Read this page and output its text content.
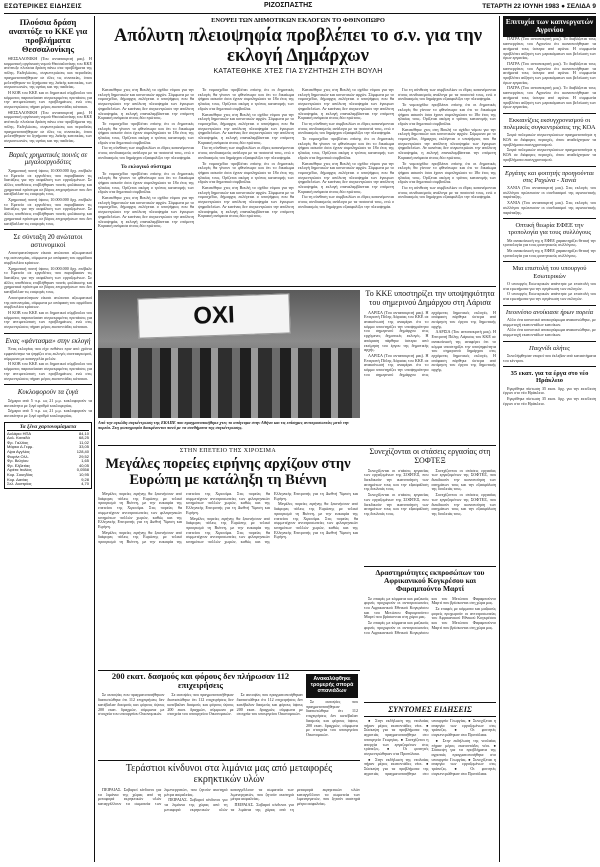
ΕΣΩΤΕΡΙΚΕΣ ΕΙΔΗΣΕΙΣ	ΡΙΖΟΣΠΑΣΤΗΣ	ΤΕΤΑΡΤΗ 22 ΙΟΥΝΗ 1983 ● ΣΕΛΙΔΑ 9
Πλούσια δράση αναπτύξε το ΚΚΕ για προβλήματα Θεσσαλονίκης

ΘΕΣΣΑΛΟΝΙΚΗ (Του ανταποκριτή μας). Η κομματική οργάνωση νομού Θεσσαλονίκης του ΚΚΕ ανέπτυξε πλούσια δράση πάνω στα προβλήματα της πόλης. Εκδηλώσεις, συγκεντρώσεις και περιοδείες πραγματοποιήθηκαν σε όλες τις συνοικίες, όπου μελετήθηκαν τα ζητήματα της λαϊκής κατοικίας, των συγκοινωνιών, της υγείας και της παιδείας.

Η ΚΟΒ του ΚΚΕ και οι δημοτικοί σύμβουλοι του κόμματος παρουσίασαν συγκεκριμένες προτάσεις για την αντιμετώπιση των προβλημάτων, ενώ στις συγκεντρώσεις πήραν μέρος εκατοντάδες κάτοικοι.

ΘΕΣΣΑΛΟΝΙΚΗ (Του ανταποκριτή μας). Η κομματική οργάνωση νομού Θεσσαλονίκης του ΚΚΕ ανέπτυξε πλούσια δράση πάνω στα προβλήματα της πόλης. Εκδηλώσεις, συγκεντρώσεις και περιοδείες πραγματοποιήθηκαν σε όλες τις συνοικίες, όπου μελετήθηκαν τα ζητήματα της λαϊκής κατοικίας, των συγκοινωνιών, της υγείας και της παιδείας.

Βαριές χρηματικές ποινές σε μεγαλοεργοδότες

Χρηματική ποινή ύψους 10.000.000 δρχ. επέβαλε το Εφετείο σε εργοδότες που παραβίασαν τις διατάξεις για την ασφάλιση των εργαζομένων. Σε άλλες υποθέσεις επιβλήθηκαν ποινές φυλάκισης και χρηματικά πρόστιμα σε βάρος επιχειρήσεων που δεν κατέβαλλαν τις εισφορές τους.

Χρηματική ποινή ύψους 10.000.000 δρχ. επέβαλε το Εφετείο σε εργοδότες που παραβίασαν τις διατάξεις για την ασφάλιση των εργαζομένων. Σε άλλες υποθέσεις επιβλήθηκαν ποινές φυλάκισης και χρηματικά πρόστιμα σε βάρος επιχειρήσεων που δεν κατέβαλλαν τις εισφορές τους.

Σε σύνταξη 20 ανώτατοι αστυνομικοί

Αποστρατεύτηκαν είκοσι ανώτατοι αξιωματικοί της αστυνομίας, σύμφωνα με απόφαση του αρμόδιου συμβουλίου κρίσεων.

Χρηματική ποινή ύψους 10.000.000 δρχ. επέβαλε το Εφετείο σε εργοδότες που παραβίασαν τις διατάξεις για την ασφάλιση των εργαζομένων. Σε άλλες υποθέσεις επιβλήθηκαν ποινές φυλάκισης και χρηματικά πρόστιμα σε βάρος επιχειρήσεων που δεν κατέβαλλαν τις εισφορές τους.

Αποστρατεύτηκαν είκοσι ανώτατοι αξιωματικοί της αστυνομίας, σύμφωνα με απόφαση του αρμόδιου συμβουλίου κρίσεων.

Η ΚΟΒ του ΚΚΕ και οι δημοτικοί σύμβουλοι του κόμματος παρουσίασαν συγκεκριμένες προτάσεις για την αντιμετώπιση των προβλημάτων, ενώ στις συγκεντρώσεις πήραν μέρος εκατοντάδες κάτοικοι.

Ενας «φάντασμα» στην εκλογή

Ένας εκλογέας που είχε πεθάνει πριν από χρόνια εμφανίστηκε να ψηφίζει στις εκλογές συνεταιρισμού, σύμφωνα με καταγγελία μελών.

Η ΚΟΒ του ΚΚΕ και οι δημοτικοί σύμβουλοι του κόμματος παρουσίασαν συγκεκριμένες προτάσεις για την αντιμετώπιση των προβλημάτων, ενώ στις συγκεντρώσεις πήραν μέρος εκατοντάδες κάτοικοι.

Κυκλοφορούν τα ζυγά

Σήμερα από 5 π.μ. ως 21 μ.μ. κυκλοφορούν τα αυτοκίνητα με ζυγό αριθμό κυκλοφορίας.

Σήμερα από 5 π.μ. ως 21 μ.μ. κυκλοφορούν τα αυτοκίνητα με ζυγό αριθμό κυκλοφορίας.

Τα ξένα χαρτονομίσματα
Δολάριο ΗΠΑ	84,10
Δολ. Καναδά	68,25
Φρ. Γαλλίας	11,02
Μάρκο Δ.Γερμ.	33,05
Λίρα Αγγλίας	128,40
Φιορίνι Ολλ.	29,52
Φρ. Βελγίου	1,65
Φρ. Ελβετίας	40,05
Λιρέτα Ιταλίας	0,0558
Κορ. Σουηδίας	10,95
Κορ. Δανίας	9,28
Σελ. Αυστρίας	4,70
ΕΝΟΨΕΙ ΤΩΝ ΔΗΜΟΤΙΚΩΝ ΕΚΛΟΓΩΝ ΤΟ ΦΘΙΝΟΠΩΡΟ
Απόλυτη πλειοψηφία προβλέπει το σ.ν. για την εκλογή Δημάρχων
ΚΑΤΑΤΕΘΗΚΕ ΧΤΕΣ ΓΙΑ ΣΥΖΗΤΗΣΗ ΣΤΗ ΒΟΥΛΗ

Κατατέθηκε χτες στη Βουλή το σχέδιο νόμου για την εκλογή δημοτικών και κοινοτικών αρχών. Σύμφωνα με το νομοσχέδιο, δήμαρχος εκλέγεται ο υποψήφιος που θα συγκεντρώσει την απόλυτη πλειοψηφία των έγκυρων ψηφοδελτίων. Αν κανένας δεν συγκεντρώσει την απόλυτη πλειοψηφία, η εκλογή επαναλαμβάνεται την επόμενη Κυριακή ανάμεσα στους δύο πρώτους.

Το νομοσχέδιο προβλέπει επίσης ότι οι δημοτικές εκλογές θα γίνουν το φθινόπωρο και ότι το δικαίωμα ψήφου ασκούν όσοι έχουν συμπληρώσει το 18ο έτος της ηλικίας τους. Ορίζεται ακόμη ο τρόπος κατανομής των εδρών στα δημοτικά συμβούλια.

Για τη σύνθεση των συμβουλίων οι έδρες κατανέμονται στους συνδυασμούς ανάλογα με τα ποσοστά τους, ενώ ο συνδυασμός του δημάρχου εξασφαλίζει την πλειοψηφία.

Το εκλογικό σύστημα

Το νομοσχέδιο προβλέπει επίσης ότι οι δημοτικές εκλογές θα γίνουν το φθινόπωρο και ότι το δικαίωμα ψήφου ασκούν όσοι έχουν συμπληρώσει το 18ο έτος της ηλικίας τους. Ορίζεται ακόμη ο τρόπος κατανομής των εδρών στα δημοτικά συμβούλια.

Κατατέθηκε χτες στη Βουλή το σχέδιο νόμου για την εκλογή δημοτικών και κοινοτικών αρχών. Σύμφωνα με το νομοσχέδιο, δήμαρχος εκλέγεται ο υποψήφιος που θα συγκεντρώσει την απόλυτη πλειοψηφία των έγκυρων ψηφοδελτίων. Αν κανένας δεν συγκεντρώσει την απόλυτη πλειοψηφία, η εκλογή επαναλαμβάνεται την επόμενη Κυριακή ανάμεσα στους δύο πρώτους.

Το νομοσχέδιο προβλέπει επίσης ότι οι δημοτικές εκλογές θα γίνουν το φθινόπωρο και ότι το δικαίωμα ψήφου ασκούν όσοι έχουν συμπληρώσει το 18ο έτος της ηλικίας τους. Ορίζεται ακόμη ο τρόπος κατανομής των εδρών στα δημοτικά συμβούλια.

Κατατέθηκε χτες στη Βουλή το σχέδιο νόμου για την εκλογή δημοτικών και κοινοτικών αρχών. Σύμφωνα με το νομοσχέδιο, δήμαρχος εκλέγεται ο υποψήφιος που θα συγκεντρώσει την απόλυτη πλειοψηφία των έγκυρων ψηφοδελτίων. Αν κανένας δεν συγκεντρώσει την απόλυτη πλειοψηφία, η εκλογή επαναλαμβάνεται την επόμενη Κυριακή ανάμεσα στους δύο πρώτους.

Για τη σύνθεση των συμβουλίων οι έδρες κατανέμονται στους συνδυασμούς ανάλογα με τα ποσοστά τους, ενώ ο συνδυασμός του δημάρχου εξασφαλίζει την πλειοψηφία.

Το νομοσχέδιο προβλέπει επίσης ότι οι δημοτικές εκλογές θα γίνουν το φθινόπωρο και ότι το δικαίωμα ψήφου ασκούν όσοι έχουν συμπληρώσει το 18ο έτος της ηλικίας τους. Ορίζεται ακόμη ο τρόπος κατανομής των εδρών στα δημοτικά συμβούλια.

Κατατέθηκε χτες στη Βουλή το σχέδιο νόμου για την εκλογή δημοτικών και κοινοτικών αρχών. Σύμφωνα με το νομοσχέδιο, δήμαρχος εκλέγεται ο υποψήφιος που θα συγκεντρώσει την απόλυτη πλειοψηφία των έγκυρων ψηφοδελτίων. Αν κανένας δεν συγκεντρώσει την απόλυτη πλειοψηφία, η εκλογή επαναλαμβάνεται την επόμενη Κυριακή ανάμεσα στους δύο πρώτους.

Κατατέθηκε χτες στη Βουλή το σχέδιο νόμου για την εκλογή δημοτικών και κοινοτικών αρχών. Σύμφωνα με το νομοσχέδιο, δήμαρχος εκλέγεται ο υποψήφιος που θα συγκεντρώσει την απόλυτη πλειοψηφία των έγκυρων ψηφοδελτίων. Αν κανένας δεν συγκεντρώσει την απόλυτη πλειοψηφία, η εκλογή επαναλαμβάνεται την επόμενη Κυριακή ανάμεσα στους δύο πρώτους.

Για τη σύνθεση των συμβουλίων οι έδρες κατανέμονται στους συνδυασμούς ανάλογα με τα ποσοστά τους, ενώ ο συνδυασμός του δημάρχου εξασφαλίζει την πλειοψηφία.

Το νομοσχέδιο προβλέπει επίσης ότι οι δημοτικές εκλογές θα γίνουν το φθινόπωρο και ότι το δικαίωμα ψήφου ασκούν όσοι έχουν συμπληρώσει το 18ο έτος της ηλικίας τους. Ορίζεται ακόμη ο τρόπος κατανομής των εδρών στα δημοτικά συμβούλια.

Κατατέθηκε χτες στη Βουλή το σχέδιο νόμου για την εκλογή δημοτικών και κοινοτικών αρχών. Σύμφωνα με το νομοσχέδιο, δήμαρχος εκλέγεται ο υποψήφιος που θα συγκεντρώσει την απόλυτη πλειοψηφία των έγκυρων ψηφοδελτίων. Αν κανένας δεν συγκεντρώσει την απόλυτη πλειοψηφία, η εκλογή επαναλαμβάνεται την επόμενη Κυριακή ανάμεσα στους δύο πρώτους.

Για τη σύνθεση των συμβουλίων οι έδρες κατανέμονται στους συνδυασμούς ανάλογα με τα ποσοστά τους, ενώ ο συνδυασμός του δημάρχου εξασφαλίζει την πλειοψηφία.

Για τη σύνθεση των συμβουλίων οι έδρες κατανέμονται στους συνδυασμούς ανάλογα με τα ποσοστά τους, ενώ ο συνδυασμός του δημάρχου εξασφαλίζει την πλειοψηφία.

Το νομοσχέδιο προβλέπει επίσης ότι οι δημοτικές εκλογές θα γίνουν το φθινόπωρο και ότι το δικαίωμα ψήφου ασκούν όσοι έχουν συμπληρώσει το 18ο έτος της ηλικίας τους. Ορίζεται ακόμη ο τρόπος κατανομής των εδρών στα δημοτικά συμβούλια.

Κατατέθηκε χτες στη Βουλή το σχέδιο νόμου για την εκλογή δημοτικών και κοινοτικών αρχών. Σύμφωνα με το νομοσχέδιο, δήμαρχος εκλέγεται ο υποψήφιος που θα συγκεντρώσει την απόλυτη πλειοψηφία των έγκυρων ψηφοδελτίων. Αν κανένας δεν συγκεντρώσει την απόλυτη πλειοψηφία, η εκλογή επαναλαμβάνεται την επόμενη Κυριακή ανάμεσα στους δύο πρώτους.

Το νομοσχέδιο προβλέπει επίσης ότι οι δημοτικές εκλογές θα γίνουν το φθινόπωρο και ότι το δικαίωμα ψήφου ασκούν όσοι έχουν συμπληρώσει το 18ο έτος της ηλικίας τους. Ορίζεται ακόμη ο τρόπος κατανομής των εδρών στα δημοτικά συμβούλια.

Για τη σύνθεση των συμβουλίων οι έδρες κατανέμονται στους συνδυασμούς ανάλογα με τα ποσοστά τους, ενώ ο συνδυασμός του δημάρχου εξασφαλίζει την πλειοψηφία.

ΟΧΙ
Από την ογκώδη συγκέντρωση της ΕΚΑΠΕ που πραγματοποιήθηκε χτες το απόγευμα στην Αθήνα και τις επίσημες αντιπροσωπείες μετά την πορεία. Στη φωτογραφία διακρίνονται πανό με τα συνθήματα της συγκέντρωσης.
Το ΚΚΕ υποστηρίζει την υποψηφιότητα του σημερινού Δημάρχου στη Λάρισα

ΛΑΡΙΣΑ (Του ανταποκριτή μας). Η Επιτροπή Πόλης Λάρισας του ΚΚΕ σε ανακοίνωσή της αναφέρει ότι το κόμμα υποστηρίζει την υποψηφιότητα του σημερινού δημάρχου στις ερχόμενες δημοτικές εκλογές. Η απόφαση πάρθηκε ύστερα από εκτίμηση του έργου της δημοτικής αρχής.

ΛΑΡΙΣΑ (Του ανταποκριτή μας). Η Επιτροπή Πόλης Λάρισας του ΚΚΕ σε ανακοίνωσή της αναφέρει ότι το κόμμα υποστηρίζει την υποψηφιότητα του σημερινού δημάρχου στις ερχόμενες δημοτικές εκλογές. Η απόφαση πάρθηκε ύστερα από εκτίμηση του έργου της δημοτικής αρχής.

ΛΑΡΙΣΑ (Του ανταποκριτή μας). Η Επιτροπή Πόλης Λάρισας του ΚΚΕ σε ανακοίνωσή της αναφέρει ότι το κόμμα υποστηρίζει την υποψηφιότητα του σημερινού δημάρχου στις ερχόμενες δημοτικές εκλογές. Η απόφαση πάρθηκε ύστερα από εκτίμηση του έργου της δημοτικής αρχής.

ΣΤΗΝ ΕΠΕΤΕΙΟ ΤΗΣ ΧΙΡΟΣΙΜΑ
Μεγάλες πορείες ειρήνης αρχίζουν στην Ευρώπη με κατάληξη τη Βιέννη

Μεγάλες πορείες ειρήνης θα ξεκινήσουν από διάφορες πόλεις της Ευρώπης με τελικό προορισμό τη Βιέννη, με την ευκαιρία της επετείου της Χιροσίμα. Στις πορείες θα συμμετέχουν αντιπροσωπείες των φιλειρηνικών κινημάτων πολλών χωρών, καθώς και της Ελληνικής Επιτροπής για τη Διεθνή Ύφεση και Ειρήνη.

Μεγάλες πορείες ειρήνης θα ξεκινήσουν από διάφορες πόλεις της Ευρώπης με τελικό προορισμό τη Βιέννη, με την ευκαιρία της επετείου της Χιροσίμα. Στις πορείες θα συμμετέχουν αντιπροσωπείες των φιλειρηνικών κινημάτων πολλών χωρών, καθώς και της Ελληνικής Επιτροπής για τη Διεθνή Ύφεση και Ειρήνη.

Μεγάλες πορείες ειρήνης θα ξεκινήσουν από διάφορες πόλεις της Ευρώπης με τελικό προορισμό τη Βιέννη, με την ευκαιρία της επετείου της Χιροσίμα. Στις πορείες θα συμμετέχουν αντιπροσωπείες των φιλειρηνικών κινημάτων πολλών χωρών, καθώς και της Ελληνικής Επιτροπής για τη Διεθνή Ύφεση και Ειρήνη.

Μεγάλες πορείες ειρήνης θα ξεκινήσουν από διάφορες πόλεις της Ευρώπης με τελικό προορισμό τη Βιέννη, με την ευκαιρία της επετείου της Χιροσίμα. Στις πορείες θα συμμετέχουν αντιπροσωπείες των φιλειρηνικών κινημάτων πολλών χωρών, καθώς και της Ελληνικής Επιτροπής για τη Διεθνή Ύφεση και Ειρήνη.

Συνεχίζονται οι στάσεις εργασίας στη ΣΟΦΤΕΞ

Συνεχίζονται οι στάσεις εργασίας των εργαζομένων της ΣΟΦΤΕΞ, που διεκδικούν την ικανοποίηση των αιτημάτων τους και την εξασφάλιση της δουλειάς τους.

Συνεχίζονται οι στάσεις εργασίας των εργαζομένων της ΣΟΦΤΕΞ, που διεκδικούν την ικανοποίηση των αιτημάτων τους και την εξασφάλιση της δουλειάς τους.

Συνεχίζονται οι στάσεις εργασίας των εργαζομένων της ΣΟΦΤΕΞ, που διεκδικούν την ικανοποίηση των αιτημάτων τους και την εξασφάλιση της δουλειάς τους.

Συνεχίζονται οι στάσεις εργασίας των εργαζομένων της ΣΟΦΤΕΞ, που διεκδικούν την ικανοποίηση των αιτημάτων τους και την εξασφάλιση της δουλειάς τους.

Δραστηριότητες εκπροσώπων του Αφρικανικού Κογκρέσου και Φαραμπούντο Μαρτί

Σε επαφές με κόμματα και μαζικούς φορείς προχωρούν οι αντιπροσωπείες του Αφρικανικού Εθνικού Κογκρέσου και του Μετώπου Φαραμπούντο Μαρτί που βρίσκονται στη χώρα μας.

Σε επαφές με κόμματα και μαζικούς φορείς προχωρούν οι αντιπροσωπείες του Αφρικανικού Εθνικού Κογκρέσου και του Μετώπου Φαραμπούντο Μαρτί που βρίσκονται στη χώρα μας.

Σε επαφές με κόμματα και μαζικούς φορείς προχωρούν οι αντιπροσωπείες του Αφρικανικού Εθνικού Κογκρέσου και του Μετώπου Φαραμπούντο Μαρτί που βρίσκονται στη χώρα μας.

200 εκατ. δασμούς και φόρους δεν πλήρωσαν 112 επιχειρήσεις

Σε αυτοψίες που πραγματοποιήθηκαν διαπιστώθηκε ότι 112 επιχειρήσεις δεν κατέβαλαν δασμούς και φόρους ύψους 200 εκατ. δραχμών, σύμφωνα με στοιχεία του υπουργείου Οικονομικών.

Σε αυτοψίες που πραγματοποιήθηκαν διαπιστώθηκε ότι 112 επιχειρήσεις δεν κατέβαλαν δασμούς και φόρους ύψους 200 εκατ. δραχμών, σύμφωνα με στοιχεία του υπουργείου Οικονομικών.

Σε αυτοψίες που πραγματοποιήθηκαν διαπιστώθηκε ότι 112 επιχειρήσεις δεν κατέβαλαν δασμούς και φόρους ύψους 200 εκατ. δραχμών, σύμφωνα με στοιχεία του υπουργείου Οικονομικών.

Ανακαλύφθηκε τρομερής σπορά σπανιάδων

Σε αυτοψίες που πραγματοποιήθηκαν διαπιστώθηκε ότι 112 επιχειρήσεις δεν κατέβαλαν δασμούς και φόρους ύψους 200 εκατ. δραχμών, σύμφωνα με στοιχεία του υπουργείου Οικονομικών.

Τεράστιοι κίνδυνοι στα λιμάνια μας από μεταφορές εκρηκτικών υλών

ΠΕΙΡΑΙΑΣ. Σοβαροί κίνδυνοι για τα λιμάνια της χώρας από τη μεταφορά εκρηκτικών υλών καταγγέλλουν τα σωματεία των λιμενεργατών, που ζητούν αυστηρά μέτρα ασφαλείας.

ΠΕΙΡΑΙΑΣ. Σοβαροί κίνδυνοι για τα λιμάνια της χώρας από τη μεταφορά εκρηκτικών υλών καταγγέλλουν τα σωματεία των λιμενεργατών, που ζητούν αυστηρά μέτρα ασφαλείας.

ΠΕΙΡΑΙΑΣ. Σοβαροί κίνδυνοι για τα λιμάνια της χώρας από τη μεταφορά εκρηκτικών υλών καταγγέλλουν τα σωματεία των λιμενεργατών, που ζητούν αυστηρά μέτρα ασφαλείας.

ΣΥΝΤΟΜΕΣ ΕΙΔΗΣΕΙΣ

● Στην εκδήλωση της νεολαίας πήραν μέρος εκατοντάδες νέοι. ● Σύσκεψη για τα προβλήματα της αγροτιάς πραγματοποιήθηκε στο υπουργείο Γεωργίας. ● Συνεχίζεται η απεργία των εργαζομένων στις τράπεζες. ● Οι φοιτητές συγκεντρώθηκαν στα Προπύλαια.

● Στην εκδήλωση της νεολαίας πήραν μέρος εκατοντάδες νέοι. ● Σύσκεψη για τα προβλήματα της αγροτιάς πραγματοποιήθηκε στο υπουργείο Γεωργίας. ● Συνεχίζεται η απεργία των εργαζομένων στις τράπεζες. ● Οι φοιτητές συγκεντρώθηκαν στα Προπύλαια.

● Στην εκδήλωση της νεολαίας πήραν μέρος εκατοντάδες νέοι. ● Σύσκεψη για τα προβλήματα της αγροτιάς πραγματοποιήθηκε στο υπουργείο Γεωργίας. ● Συνεχίζεται η απεργία των εργαζομένων στις τράπεζες. ● Οι φοιτητές συγκεντρώθηκαν στα Προπύλαια.

Επιτυχία των καπνεργατών Αγρινίου

ΠΑΤΡΑ (Του ανταποκριτή μας). Το διαβάζεται τους καπνεργάτες του Αγρινίου ότι ικανοποιήθηκαν τα αιτήματά τους ύστερα από αγώνα. Η συμφωνία προβλέπει αύξηση των μεροκάματων και βελτίωση των όρων εργασίας.

ΠΑΤΡΑ (Του ανταποκριτή μας). Το διαβάζεται τους καπνεργάτες του Αγρινίου ότι ικανοποιήθηκαν τα αιτήματά τους ύστερα από αγώνα. Η συμφωνία προβλέπει αύξηση των μεροκάματων και βελτίωση των όρων εργασίας.

ΠΑΤΡΑ (Του ανταποκριτή μας). Το διαβάζεται τους καπνεργάτες του Αγρινίου ότι ικανοποιήθηκαν τα αιτήματά τους ύστερα από αγώνα. Η συμφωνία προβλέπει αύξηση των μεροκάματων και βελτίωση των όρων εργασίας.

Εκκαινίζεις εκσυγχρονισμού οι πολεμικές συγκεντρώσεις της ΚΟΑ

Σειρά πολεμικών συγκεντρώσεων πραγματοποίησε η ΚΟΑ σε διάφορες περιοχές, όπου αναδείχτηκαν τα προβλήματα εκσυγχρονισμού.

Σειρά πολεμικών συγκεντρώσεων πραγματοποίησε η ΚΟΑ σε διάφορες περιοχές, όπου αναδείχτηκαν τα προβλήματα εκσυγχρονισμού.

Εργάτης και φοιτητής προηγούνται στις Ραχώνα - Χανιά

ΧΑΝΙΑ (Του ανταποκριτή μας). Στις εκλογές του συλλόγου πρώτευσαν οι συνδυασμοί της αγωνιστικής παράταξης.

ΧΑΝΙΑ (Του ανταποκριτή μας). Στις εκλογές του συλλόγου πρώτευσαν οι συνδυασμοί της αγωνιστικής παράταξης.

Οπτική θεωρία ΕΦΕΕ την τροπολογία για τους συλλόγους

Με ανακοίνωσή της η ΕΦΕΕ χαρακτηρίζει θετική την τροπολογία για τους φοιτητικούς συλλόγους.

Με ανακοίνωσή της η ΕΦΕΕ χαρακτηρίζει θετική την τροπολογία για τους φοιτητικούς συλλόγους.

Μια επιστολή του υπουργού Εσωτερικών

Ο υπουργός Εσωτερικών απάντησε με επιστολή του στα ερωτήματα για την οργάνωση των εκλογών.

Ο υπουργός Εσωτερικών απάντησε με επιστολή του στα ερωτήματα για την οργάνωση των εκλογών.

Ιτεοινέσιο ανοίκιασε ήρων πορεία

Αλλο ένα κοινοτικό αποκορύφωμα ανακοινώθηκε, με συμμετοχή εκατοντάδων κατοίκων.

Αλλο ένα κοινοτικό αποκορύφωμα ανακοινώθηκε, με συμμετοχή εκατοντάδων κατοίκων.

Παιχνίδι αλήτες

Συνελήφθησαν νεαροί που έκλεβαν από καταστήματα του κέντρου.

35 εκατ. για τα έργα στο νέο Ηράκλειο

Εγκρίθηκε πίστωση 35 εκατ. δρχ. για την εκτέλεση έργων στο νέο Ηράκλειο.

Εγκρίθηκε πίστωση 35 εκατ. δρχ. για την εκτέλεση έργων στο νέο Ηράκλειο.
